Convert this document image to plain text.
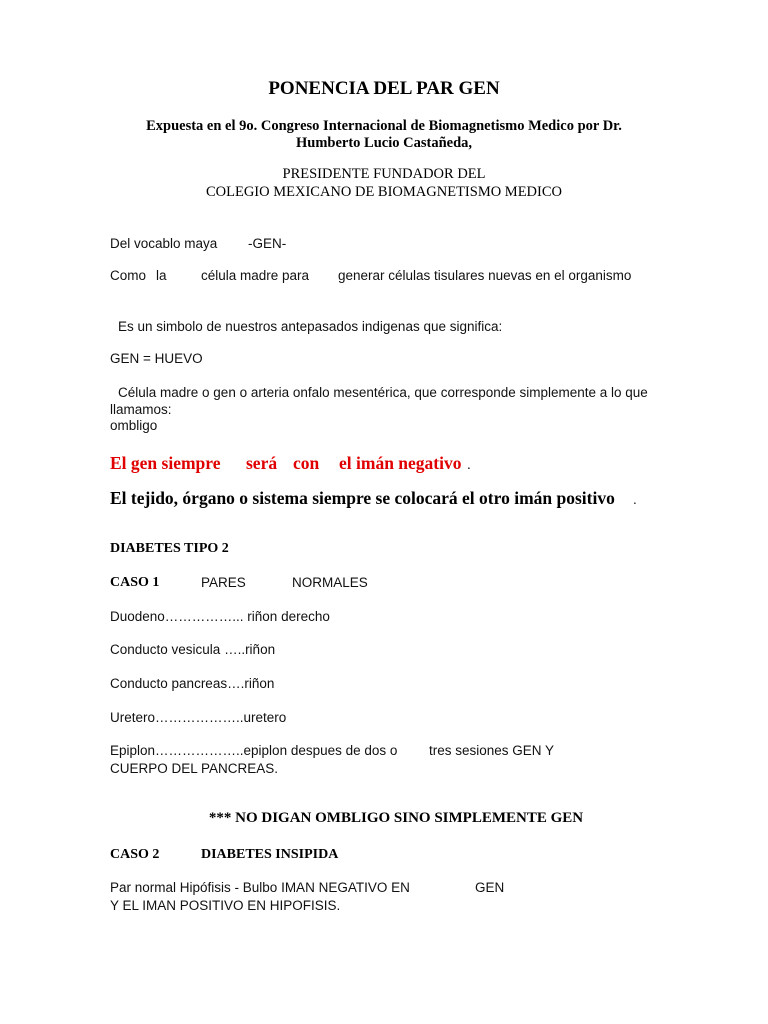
PONENCIA DEL PAR GEN
Expuesta en el 9o. Congreso Internacional de Biomagnetismo Medico por Dr.
Humberto Lucio Castañeda,
PRESIDENTE FUNDADOR DEL
COLEGIO MEXICANO DE BIOMAGNETISMO MEDICO
Del vocablo maya -GEN-
Como la	célula madre para generar células tisulares nuevas en el organismo
Es un simbolo de nuestros antepasados indigenas que significa:
GEN = HUEVO
Célula madre o gen o arteria onfalo mesentérica, que corresponde simplemente a lo que
llamamos:
ombligo
El gen siempre será con el imán negativo .
El tejido, órgano o sistema siempre se colocará el otro imán positivo .
DIABETES TIPO 2
CASO 1	PARES	NORMALES
Duodeno……………... riñon derecho
Conducto vesicula …..riñon
Conducto pancreas….riñon
Uretero………………..uretero
Epiplon………………..epiplon despues de dos o tres sesiones GEN Y
CUERPO DEL PANCREAS.
*** NO DIGAN OMBLIGO SINO SIMPLEMENTE GEN
CASO 2	DIABETES INSIPIDA
Par normal Hipófisis - Bulbo IMAN NEGATIVO EN	GEN
Y EL IMAN POSITIVO EN HIPOFISIS.
